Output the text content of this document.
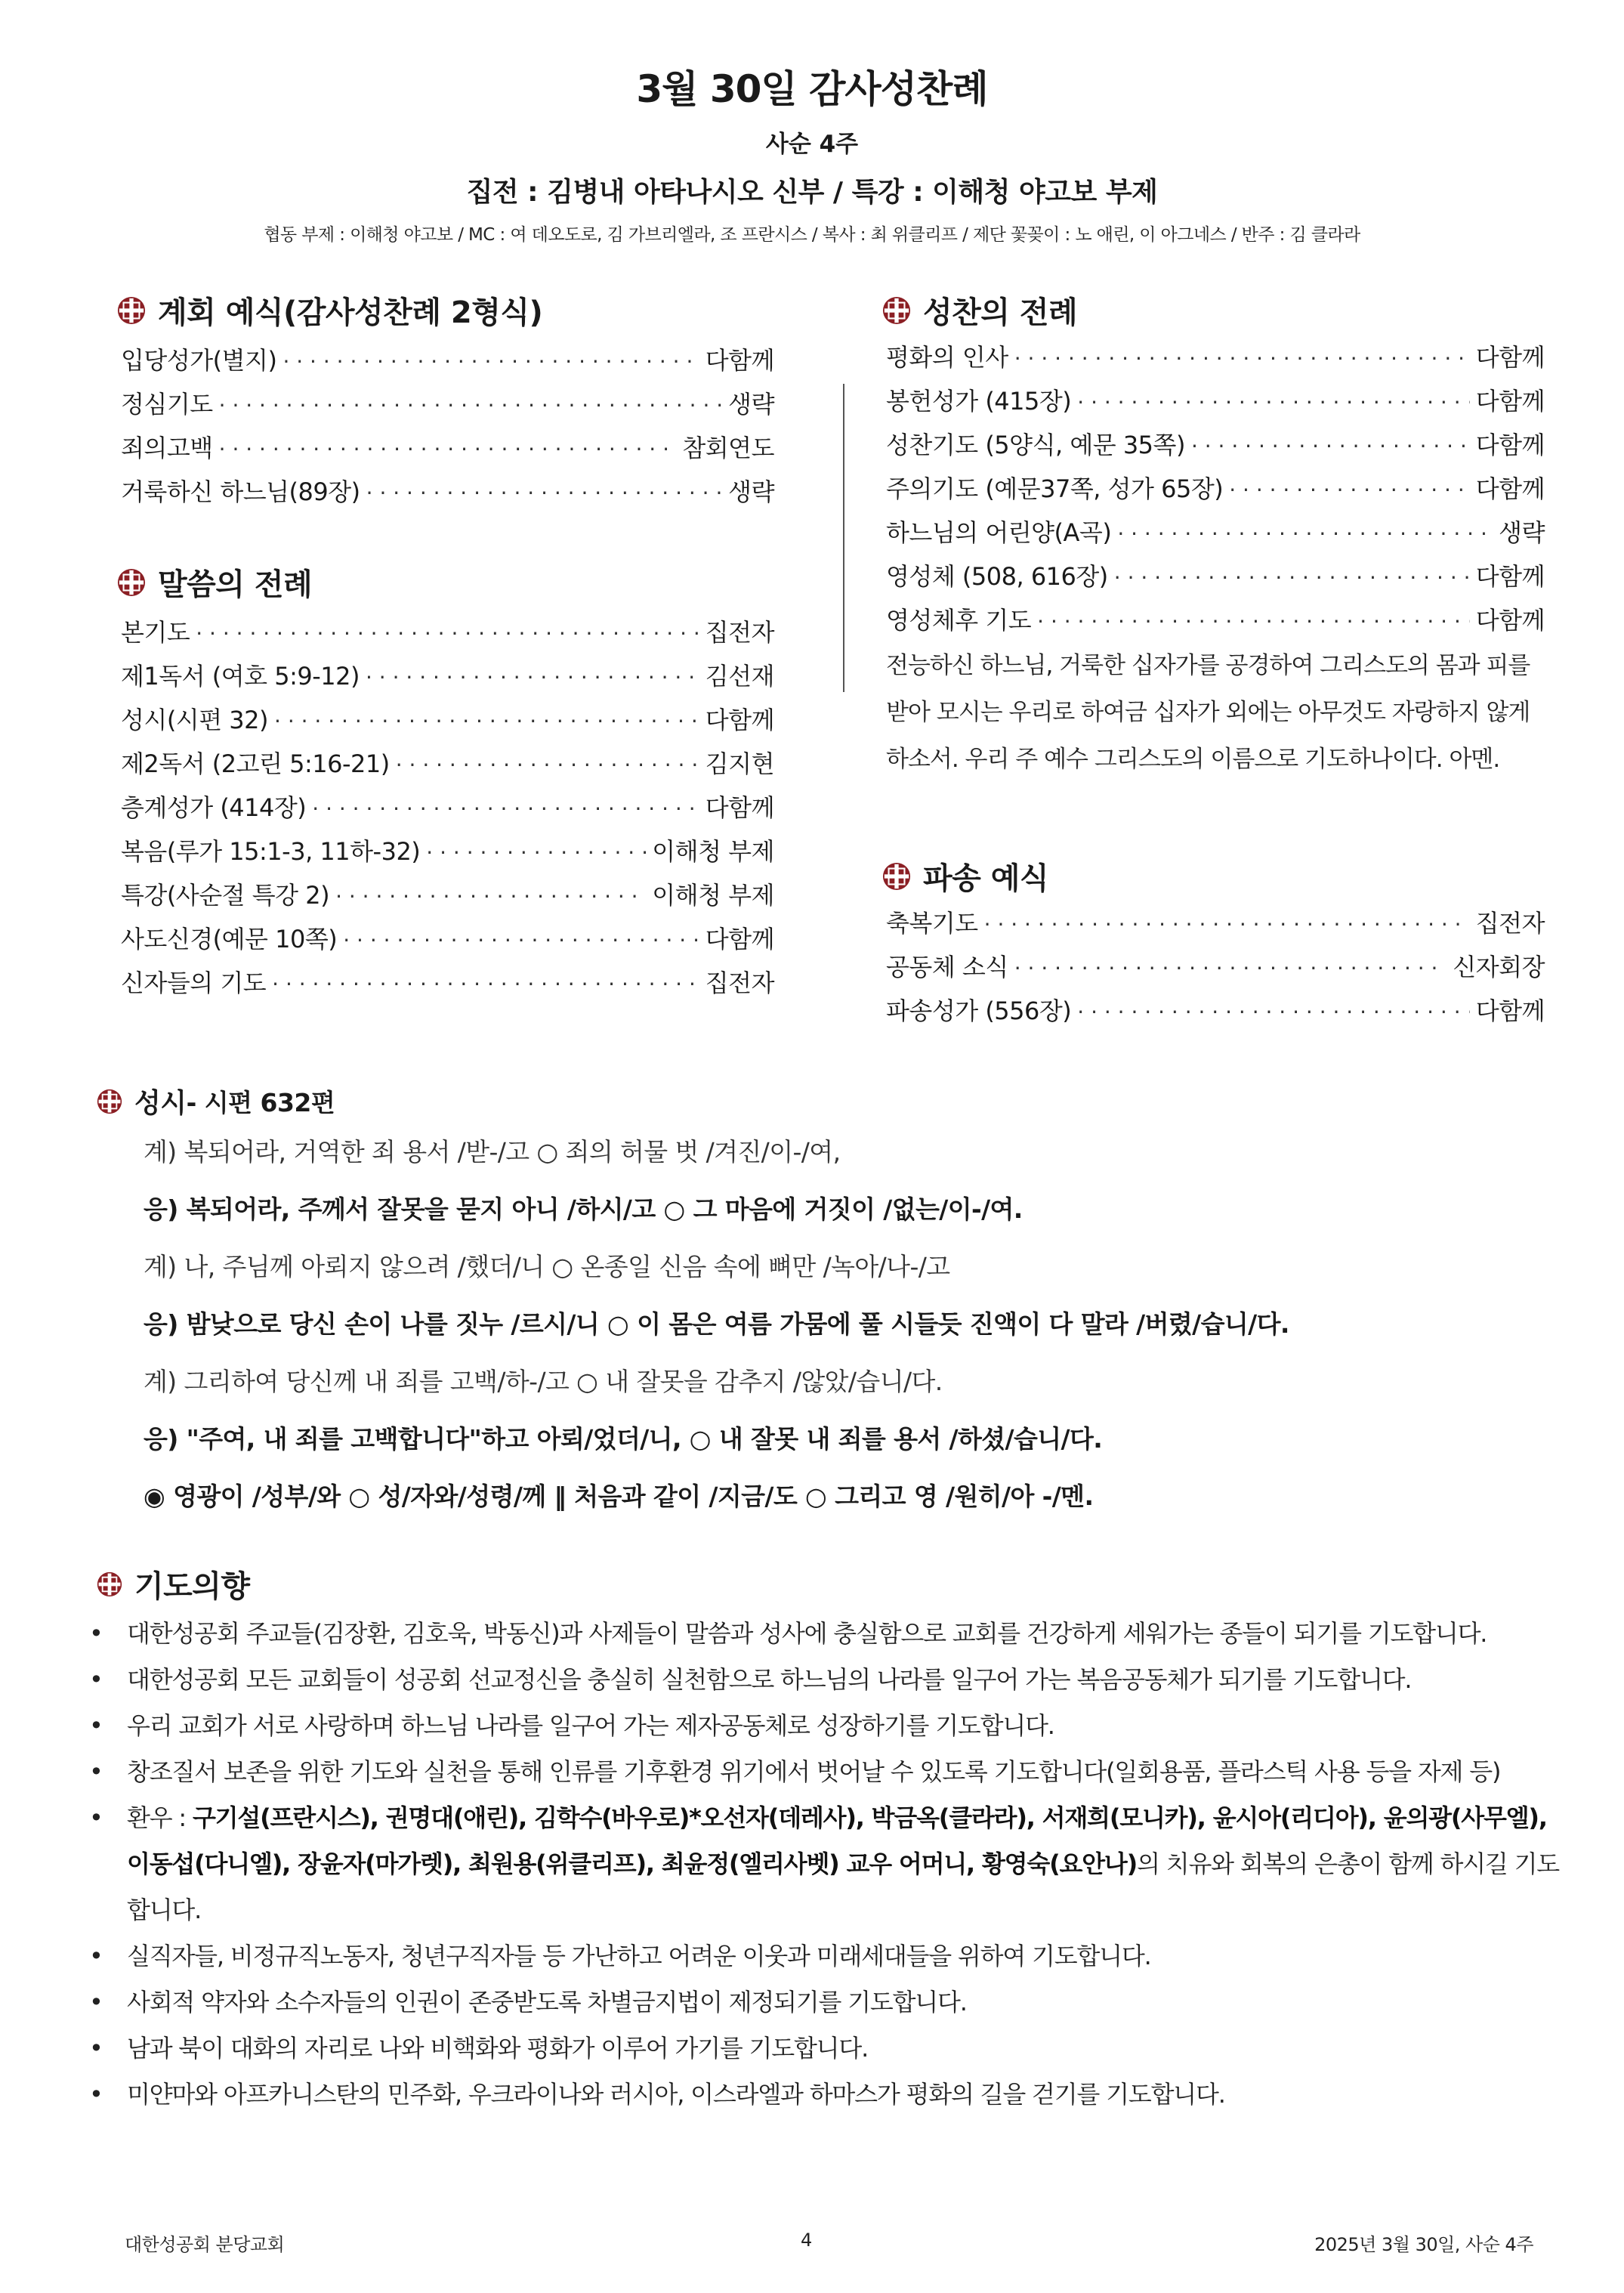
3월 30일 감사성찬례
사순 4주
집전 : 김병내 아타나시오 신부 / 특강 : 이해청 야고보 부제
협동 부제 : 이해청 야고보 / MC : 여 데오도로, 김 가브리엘라, 조 프란시스 / 복사 : 최 위클리프 / 제단 꽃꽂이 : 노 애린, 이 아그네스 / 반주 : 김 클라라
계회 예식(감사성찬례 2형식)
입당성가(별지) · · ·	다함께
정심기도 · · ·	생략
죄의고백 · · ·	참회연도
거룩하신 하느님(89장) · · ·	생략
말씀의 전례
본기도 · · ·	집전자
제1독서 (여호 5:9-12) · · ·	김선재
성시(시편 32) · · ·	다함께
제2독서 (2고린 5:16-21) · · ·	김지현
층계성가 (414장) · · ·	다함께
복음(루가 15:1-3, 11하-32) · · ·	이해청 부제
특강(사순절 특강 2) · · ·	이해청 부제
사도신경(예문 10쪽) · · ·	다함께
신자들의 기도 · · ·	집전자
성찬의 전례
평화의 인사 · · ·	다함께
봉헌성가 (415장) · · ·	다함께
성찬기도 (5양식, 예문 35쪽) · · ·	다함께
주의기도 (예문37쪽, 성가 65장) · · ·	다함께
하느님의 어린양(A곡) · · ·	생략
영성체 (508, 616장) · · ·	다함께
영성체후 기도 · · ·	다함께
전능하신 하느님, 거룩한 십자가를 공경하여 그리스도의 몸과 피를 받아 모시는 우리로 하여금 십자가 외에는 아무것도 자랑하지 않게 하소서. 우리 주 예수 그리스도의 이름으로 기도하나이다. 아멘.
파송 예식
축복기도 · · ·	집전자
공동체 소식 · · ·	신자회장
파송성가 (556장) · · ·	다함께
성시 - 시편 632편
계) 복되어라, 거역한 죄 용서 /받-/고 ○ 죄의 허물 벗 /겨진/이-/여,
응) 복되어라, 주께서 잘못을 묻지 아니 /하시/고 ○ 그 마음에 거짓이 /없는/이-/여.
계) 나, 주님께 아뢰지 않으려 /했더/니 ○ 온종일 신음 속에 뼈만 /녹아/나-/고
응) 밤낮으로 당신 손이 나를 짓누 /르시/니 ○ 이 몸은 여름 가뭄에 풀 시들듯 진액이 다 말라 /버렸/습니/다.
계) 그리하여 당신께 내 죄를 고백/하-/고 ○ 내 잘못을 감추지 /않았/습니/다.
응) "주여, 내 죄를 고백합니다"하고 아뢰/었더/니, ○ 내 잘못 내 죄를 용서 /하셨/습니/다.
◉ 영광이 /성부/와 ○ 성/자와/성령/께 ‖ 처음과 같이 /지금/도 ○ 그리고 영 /원히/아 -/멘.
기도의향
• 대한성공회 주교들(김장환, 김호욱, 박동신)과 사제들이 말씀과 성사에 충실함으로 교회를 건강하게 세워가는 종들이 되기를 기도합니다.
• 대한성공회 모든 교회들이 성공회 선교정신을 충실히 실천함으로 하느님의 나라를 일구어 가는 복음공동체가 되기를 기도합니다.
• 우리 교회가 서로 사랑하며 하느님 나라를 일구어 가는 제자공동체로 성장하기를 기도합니다.
• 창조질서 보존을 위한 기도와 실천을 통해 인류를 기후환경 위기에서 벗어날 수 있도록 기도합니다(일회용품, 플라스틱 사용 등을 자제 등)
• 환우 : 구기설(프란시스), 권명대(애린), 김학수(바우로)*오선자(데레사), 박금옥(클라라), 서재희(모니카), 윤시아(리디아), 윤의광(사무엘), 이동섭(다니엘), 장윤자(마가렛), 최원용(위클리프), 최윤정(엘리사벳) 교우 어머니, 황영숙(요안나)의 치유와 회복의 은총이 함께 하시길 기도합니다.
• 실직자들, 비정규직노동자, 청년구직자들 등 가난하고 어려운 이웃과 미래세대들을 위하여 기도합니다.
• 사회적 약자와 소수자들의 인권이 존중받도록 차별금지법이 제정되기를 기도합니다.
• 남과 북이 대화의 자리로 나와 비핵화와 평화가 이루어 가기를 기도합니다.
• 미얀마와 아프카니스탄의 민주화, 우크라이나와 러시아, 이스라엘과 하마스가 평화의 길을 걷기를 기도합니다.
대한성공회 분당교회	4	2025년 3월 30일, 사순 4주
